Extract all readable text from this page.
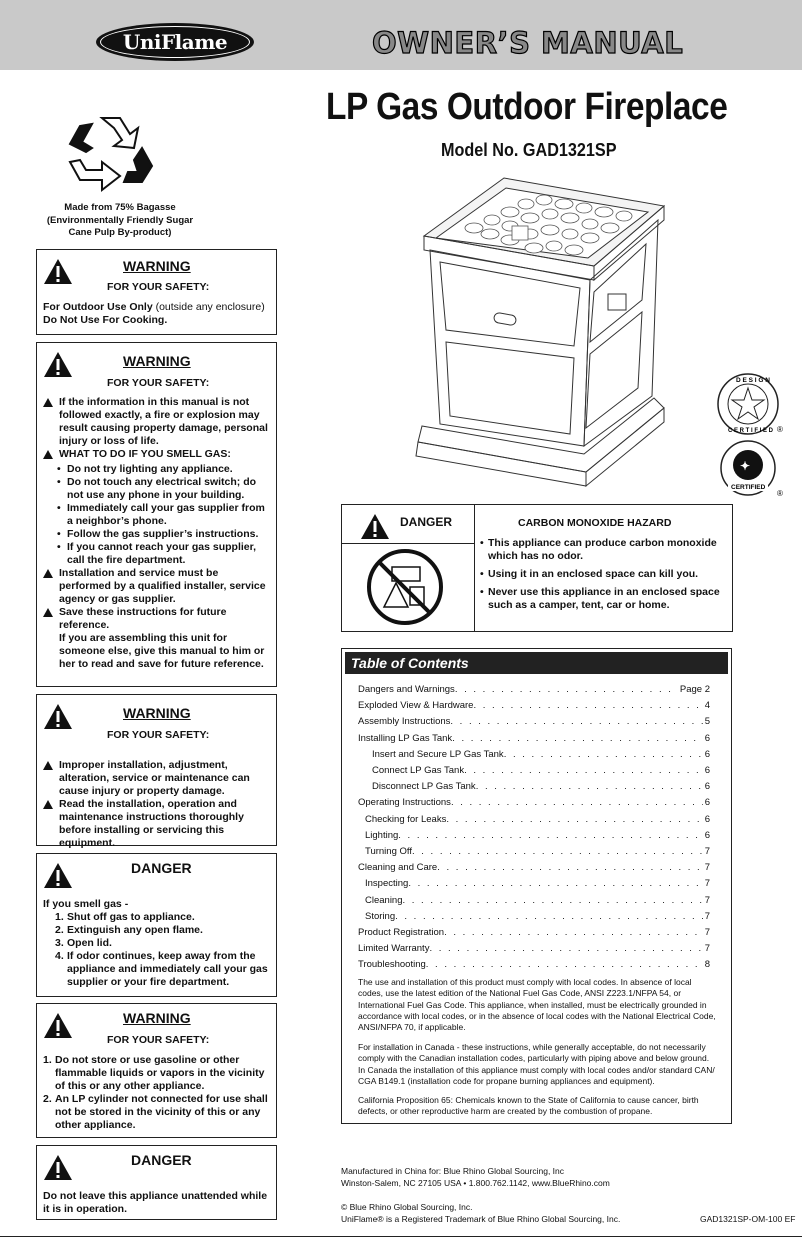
UniFlame	OWNER’S MANUAL
LP Gas Outdoor Fireplace
Model No. GAD1321SP
Made from 75% Bagasse
(Environmentally Friendly Sugar
Cane Pulp By-product)
D E S I G N
C E R T I F I E D ®
✦
CERTIFIED
®
WARNING
FOR YOUR SAFETY:
For Outdoor Use Only (outside any enclosure)
Do Not Use For Cooking.
WARNING
FOR YOUR SAFETY:
If the information in this manual is not followed exactly, a fire or explosion may result causing property damage, personal injury or loss of life.
WHAT TO DO IF YOU SMELL GAS:
• Do not try lighting any appliance.
• Do not touch any electrical switch; do not use any phone in your building.
• Immediately call your gas supplier from a neighbor’s phone.
• Follow the gas supplier’s instructions.
• If you cannot reach your gas supplier, call the fire department.
Installation and service must be performed by a qualified installer, service agency or gas supplier.
Save these instructions for future reference.
If you are assembling this unit for someone else, give this manual to him or her to read and save for future reference.
WARNING
FOR YOUR SAFETY:
Improper installation, adjustment, alteration, service or maintenance can cause injury or property damage.
Read the installation, operation and maintenance instructions thoroughly before installing or servicing this equipment.
DANGER
If you smell gas -
1. Shut off gas to appliance.
2. Extinguish any open flame.
3. Open lid.
4. If odor continues, keep away from the appliance and immediately call your gas supplier or your fire department.
WARNING
FOR YOUR SAFETY:
1. Do not store or use gasoline or other flammable liquids or vapors in the vicinity of this or any other appliance.
2. An LP cylinder not connected for use shall not be stored in the vicinity of this or any other appliance.
DANGER
Do not leave this appliance unattended while it is in operation.
DANGER	CARBON MONOXIDE HAZARD
• This appliance can produce carbon monoxide which has no odor.
• Using it in an enclosed space can kill you.
• Never use this appliance in an enclosed space such as a camper, tent, car or home.
Table of Contents
Dangers and Warnings . . .	Page 2
Exploded View & Hardware . . .	4
Assembly Instructions . . .	5
Installing LP Gas Tank . . .	6
Insert and Secure LP Gas Tank . . .	6
Connect LP Gas Tank . . .	6
Disconnect LP Gas Tank . . .	6
Operating Instructions . . .	6
Checking for Leaks . . .	6
Lighting . . .	6
Turning Off . . .	7
Cleaning and Care . . .	7
Inspecting . . .	7
Cleaning . . .	7
Storing . . .	7
Product Registration . . .	7
Limited Warranty . . .	7
Troubleshooting . . .	8
The use and installation of this product must comply with local codes. In absence of local codes, use the latest edition of the National Fuel Gas Code, ANSI Z223.1/NFPA 54, or International Fuel Gas Code. This appliance, when installed, must be electrically grounded in accordance with local codes, or in the absence of local codes with the National Electrical Code, ANSI/NFPA 70, if applicable.
For installation in Canada - these instructions, while generally acceptable, do not necessarily comply with the Canadian installation codes, particularly with piping above and below ground. In Canada the installation of this appliance must comply with local codes and/or standard CAN/ CGA B149.1 (installation code for propane burning appliances and equipment).
California Proposition 65: Chemicals known to the State of California to cause cancer, birth defects, or other reproductive harm are created by the combustion of propane.
Manufactured in China for: Blue Rhino Global Sourcing, Inc
Winston-Salem, NC 27105 USA • 1.800.762.1142, www.BlueRhino.com
© Blue Rhino Global Sourcing, Inc.
UniFlame® is a Registered Trademark of Blue Rhino Global Sourcing, Inc.	GAD1321SP-OM-100 EF
